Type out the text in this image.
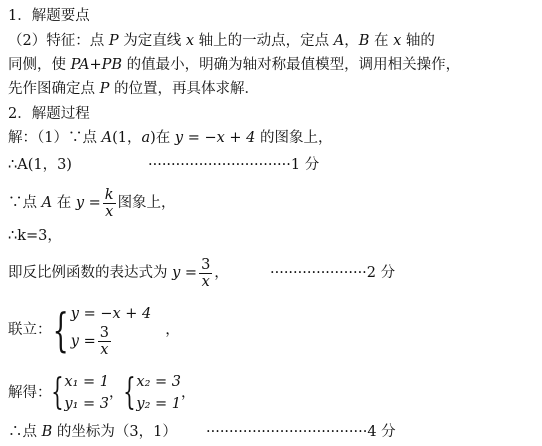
1．解题要点
（2）特征：点 P 为定直线 x 轴上的一动点，定点 A，B 在 x 轴的
同侧，使 PA+PB 的值最小，明确为轴对称最值模型，调用相关操作，
先作图确定点 P 的位置，再具体求解．
2．解题过程
解：（1）∵点 A(1，a)在 y = −x + 4 的图象上，
∴A(1，3)	·······························1 分
∵点 A 在 $y = \frac{k}{x}$ 图象上，
∴k=3，
即反比例函数的表达式为 $y = \frac{3}{x}$ ，	·····················2 分
联立：{ y = −x + 4
$y = \frac{3}{x}$	，
解得：{ x₁ = 1
y₁ = 3
，{ x₂ = 3
y₂ = 1
，
∴点 B 的坐标为（3，1） ···································4 分
